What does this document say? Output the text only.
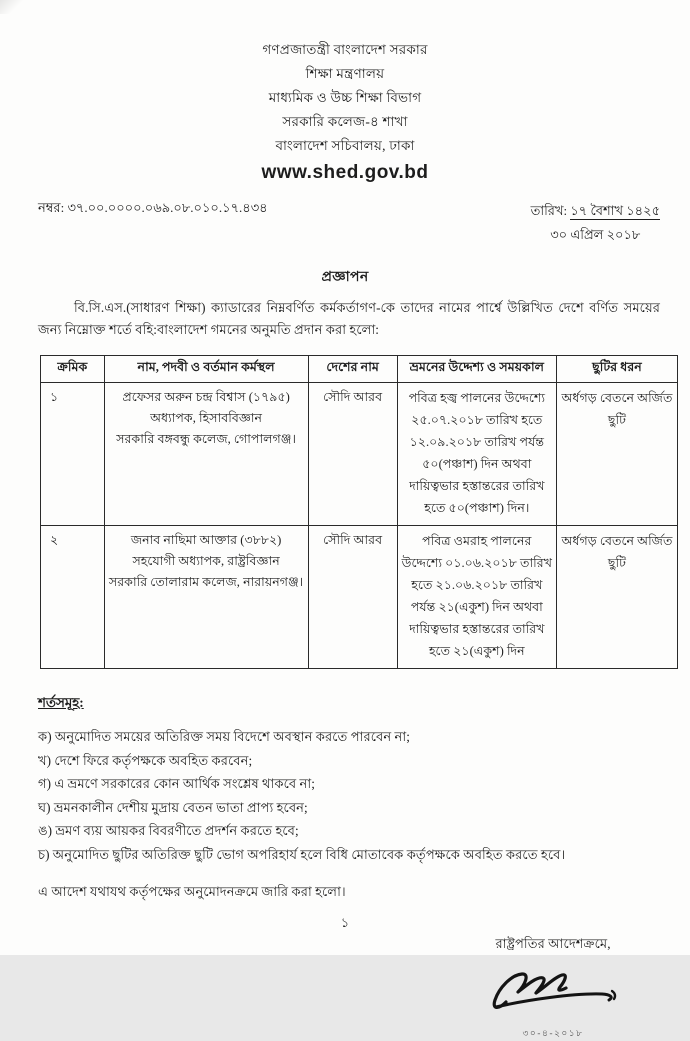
গণপ্রজাতন্ত্রী বাংলাদেশ সরকার
শিক্ষা মন্ত্রণালয়
মাধ্যমিক ও উচ্চ শিক্ষা বিভাগ
সরকারি কলেজ-৪ শাখা
বাংলাদেশ সচিবালয়, ঢাকা
www.shed.gov.bd
নম্বর: ৩৭.০০.০০০০.০৬৯.০৮.০১০.১৭.৪৩৪	তারিখ: ১৭ বৈশাখ ১৪২৫
৩০ এপ্রিল ২০১৮
প্রজ্ঞাপন
বি.সি.এস.(সাধারণ শিক্ষা) ক্যাডারের নিম্নবর্ণিত কর্মকর্তাগণ-কে তাদের নামের পার্শ্বে উল্লিখিত দেশে বর্ণিত সময়ের জন্য নিম্নোক্ত শর্তে বহি:বাংলাদেশ গমনের অনুমতি প্রদান করা হলো:
ক্রমিক	নাম, পদবী ও বর্তমান কর্মস্থল	দেশের নাম	ভ্রমনের উদ্দেশ্য ও সময়কাল	ছুটির ধরন
১	প্রফেসর অরুন চন্দ্র বিশ্বাস (১৭৯৫)
অধ্যাপক, হিসাববিজ্ঞান
সরকারি বঙ্গবন্ধু কলেজ, গোপালগঞ্জ।	সৌদি আরব	পবিত্র হজ্ব পালনের উদ্দেশ্যে ২৫.০৭.২০১৮ তারিখ হতে ১২.০৯.২০১৮ তারিখ পর্যন্ত ৫০(পঞ্চাশ) দিন অথবা দায়িত্বভার হস্তান্তরের তারিখ হতে ৫০(পঞ্চাশ) দিন।	অর্ধগড় বেতনে অর্জিত ছুটি
২	জনাব নাছিমা আক্তার (৩৮৮২)
সহযোগী অধ্যাপক, রাষ্ট্রবিজ্ঞান
সরকারি তোলারাম কলেজ, নারায়নগঞ্জ।	সৌদি আরব	পবিত্র ওমরাহ পালনের উদ্দেশ্যে ০১.০৬.২০১৮ তারিখ হতে ২১.০৬.২০১৮ তারিখ পর্যন্ত ২১(একুশ) দিন অথবা দায়িত্বভার হস্তান্তরের তারিখ হতে ২১(একুশ) দিন	অর্ধগড় বেতনে অর্জিত ছুটি
শর্তসমূহ:
ক) অনুমোদিত সময়ের অতিরিক্ত সময় বিদেশে অবস্থান করতে পারবেন না;
খ) দেশে ফিরে কর্তৃপক্ষকে অবহিত করবেন;
গ) এ ভ্রমণে সরকারের কোন আর্থিক সংশ্লেষ থাকবে না;
ঘ) ভ্রমনকালীন দেশীয় মুদ্রায় বেতন ভাতা প্রাপ্য হবেন;
ঙ) ভ্রমণ ব্যয় আয়কর বিবরণীতে প্রদর্শন করতে হবে;
চ) অনুমোদিত ছুটির অতিরিক্ত ছুটি ভোগ অপরিহার্য হলে বিধি মোতাবেক কর্তৃপক্ষকে অবহিত করতে হবে।
এ আদেশ যথাযথ কর্তৃপক্ষের অনুমোদনক্রমে জারি করা হলো।
রাষ্ট্রপতির আদেশক্রমে,
৩০-৪-২০১৮
১
